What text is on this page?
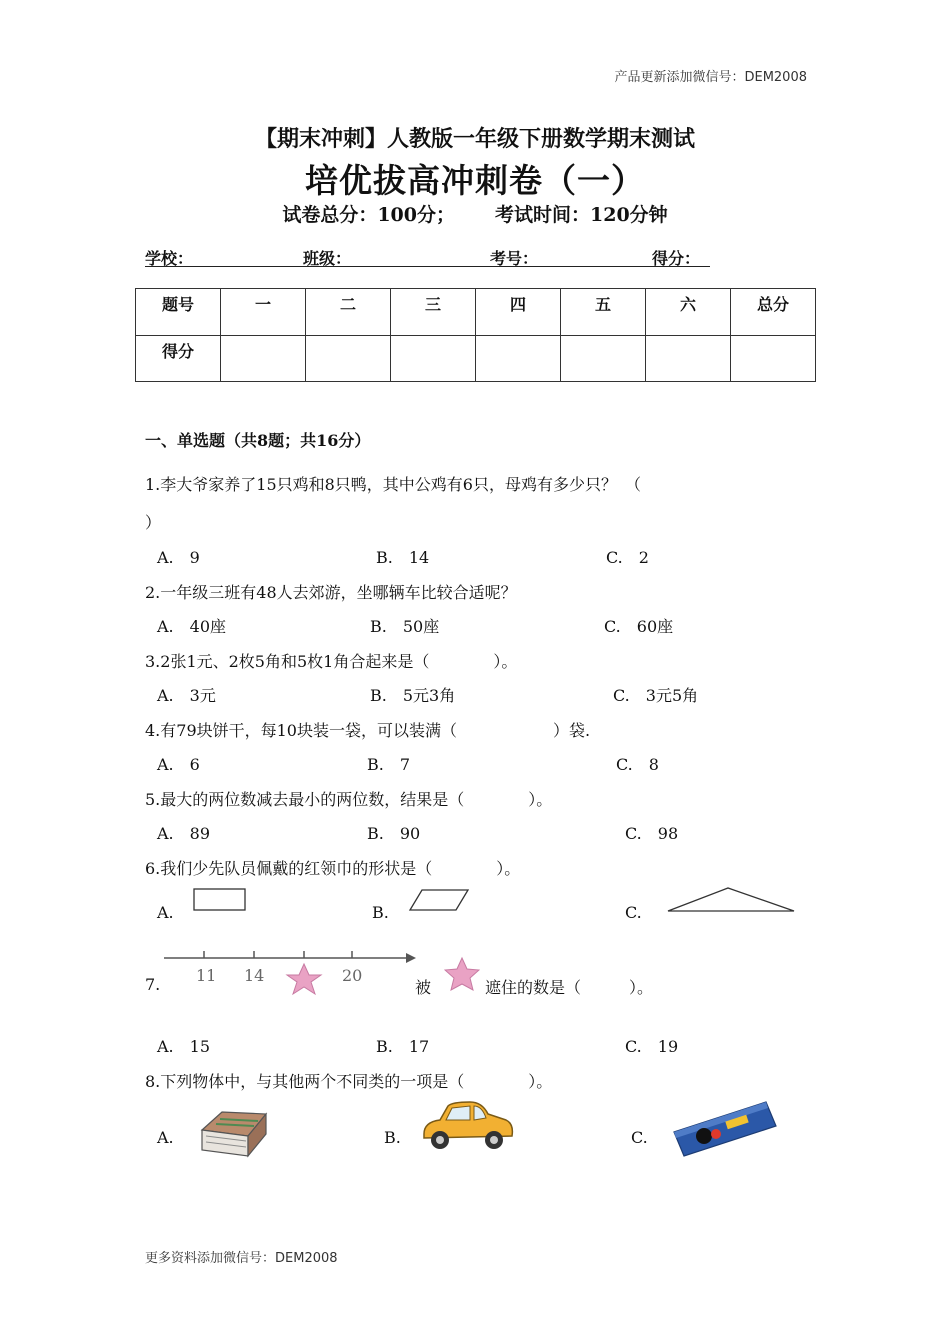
产品更新添加微信号：DEM2008
【期末冲刺】人教版一年级下册数学期末测试
培优拔高冲刺卷（一）
试卷总分：100分； 考试时间：120分钟
学校：	班级：	考号：	得分：
题号	一	二	三	四	五	六	总分
得分							
一、单选题（共8题；共16分）
1.李大爷家养了15只鸡和8只鸭，其中公鸡有6只，母鸡有多少只？　（
）
A.　9	B.　14	C.　2
2.一年级三班有48人去郊游，坐哪辆车比较合适呢？
A.　40座	B.　50座	C.　60座
3.2张1元、2枚5角和5枚1角合起来是（　　　　）。
A.　3元	B.　5元3角	C.　3元5角
4.有79块饼干，每10块装一袋，可以装满（　　　　　　）袋.
A.　6	B.　7	C.　8
5.最大的两位数减去最小的两位数，结果是（　　　　）。
A.　89	B.　90	C.　98
6.我们少先队员佩戴的红领巾的形状是（　　　　）。
A.	B.	C.
7. 11 14	20
被	遮住的数是（　　　）。
A.　15	B.　17	C.　19
8.下列物体中，与其他两个不同类的一项是（　　　　）。
A.	B.	C.
更多资料添加微信号：DEM2008
